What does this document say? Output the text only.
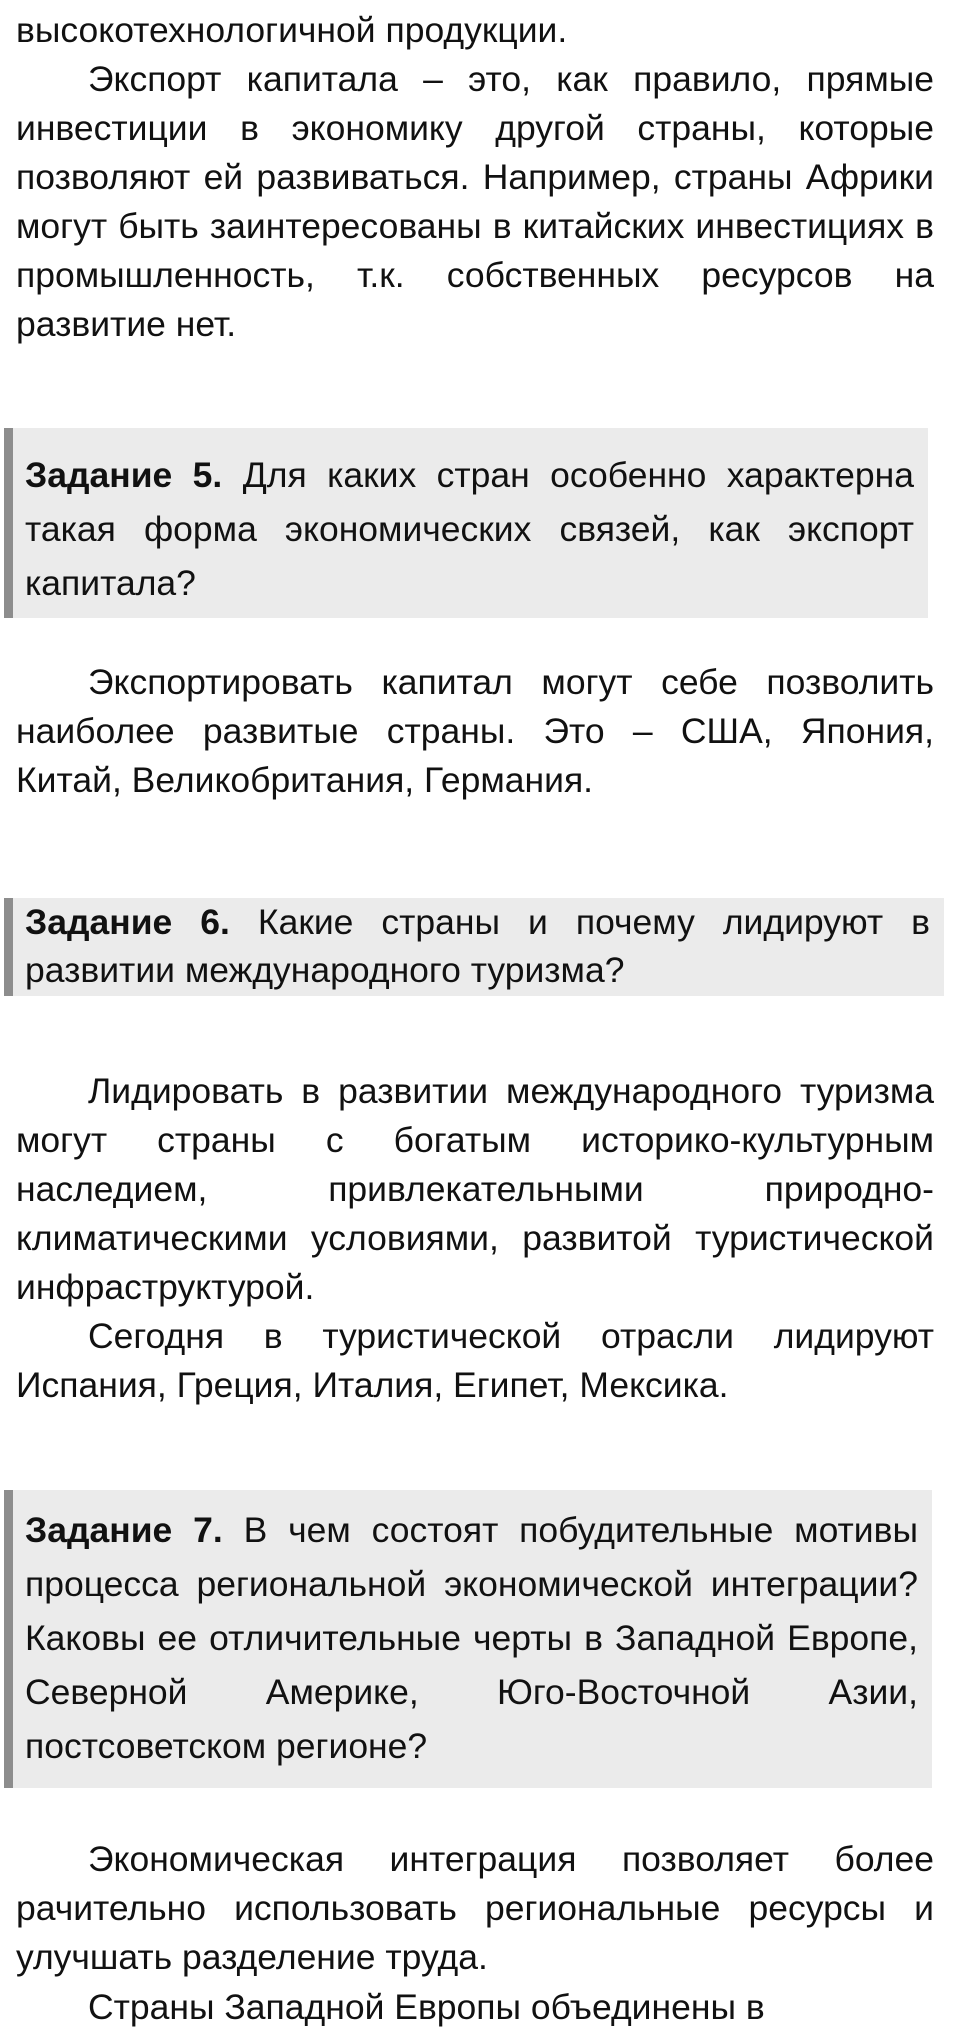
высокотехнологичной продукции.

Экспорт капитала – это, как правило, прямые инвестиции в экономику другой страны, которые позволяют ей развиваться. Например, страны Африки могут быть заинтересованы в китайских инвестициях в промышленность, т.к. собственных ресурсов на развитие нет.

Задание 5. Для каких стран особенно характерна такая форма экономических связей, как экспорт капитала?

Экспортировать капитал могут себе позволить наиболее развитые страны. Это – США, Япония, Китай, Великобритания, Германия.

Задание 6. Какие страны и почему лидируют в развитии международного туризма?

Лидировать в развитии международного туризма могут страны с богатым историко-культурным наследием, привлекательными природно-климатическими условиями, развитой туристической инфраструктурой.

Сегодня в туристической отрасли лидируют Испания, Греция, Италия, Египет, Мексика.

Задание 7. В чем состоят побудительные мотивы процесса региональной экономической интеграции? Каковы ее отличительные черты в Западной Европе, Северной Америке, Юго-Восточной Азии, постсоветском регионе?

Экономическая интеграция позволяет более рачительно использовать региональные ресурсы и улучшать разделение труда.

Страны Западной Европы объединены в
